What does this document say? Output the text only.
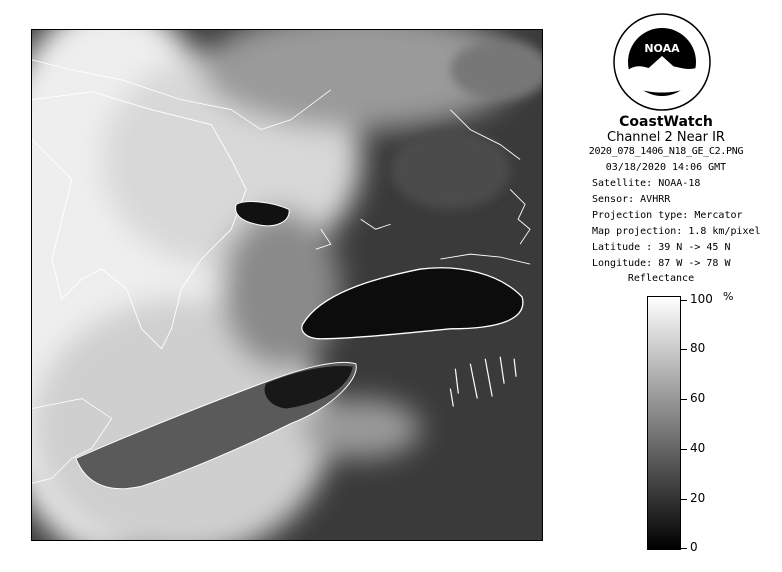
NOAA
CoastWatch
Channel 2 Near IR
2020_078_1406_N18_GE_C2.PNG
03/18/2020 14:06 GMT
Satellite: NOAA-18
Sensor: AVHRR
Projection type: Mercator
Map projection: 1.8 km/pixel
Latitude : 39 N -> 45 N
Longitude: 87 W -> 78 W
Reflectance
%
100
80
60
40
20
0
